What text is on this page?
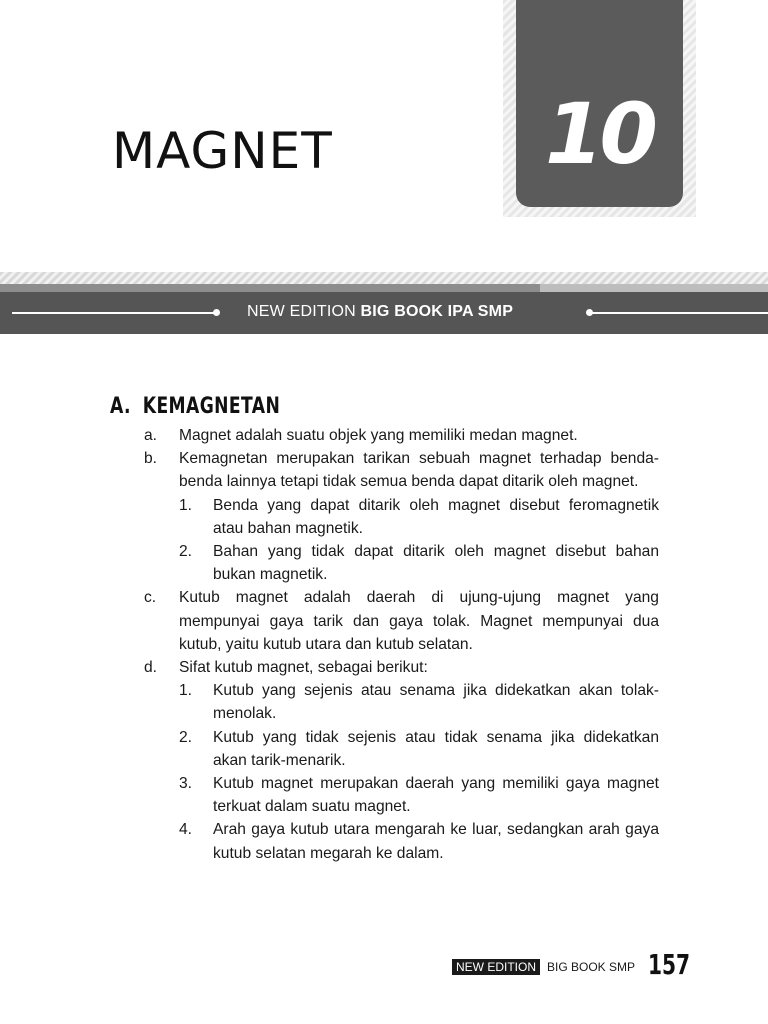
MAGNET	10
NEW EDITION BIG BOOK IPA SMP
A. KEMAGNETAN
a. Magnet adalah suatu objek yang memiliki medan magnet.
b. Kemagnetan merupakan tarikan sebuah magnet terhadap benda-benda lainnya tetapi tidak semua benda dapat ditarik oleh magnet.
1. Benda yang dapat ditarik oleh magnet disebut feromagnetik atau bahan magnetik.
2. Bahan yang tidak dapat ditarik oleh magnet disebut bahan bukan magnetik.
c. Kutub magnet adalah daerah di ujung-ujung magnet yang mempunyai gaya tarik dan gaya tolak. Magnet mempunyai dua kutub, yaitu kutub utara dan kutub selatan.
d. Sifat kutub magnet, sebagai berikut:
1. Kutub yang sejenis atau senama jika didekatkan akan tolak-menolak.
2. Kutub yang tidak sejenis atau tidak senama jika didekatkan akan tarik-menarik.
3. Kutub magnet merupakan daerah yang memiliki gaya magnet terkuat dalam suatu magnet.
4. Arah gaya kutub utara mengarah ke luar, sedangkan arah gaya kutub selatan megarah ke dalam.
NEW EDITION BIG BOOK SMP 157
